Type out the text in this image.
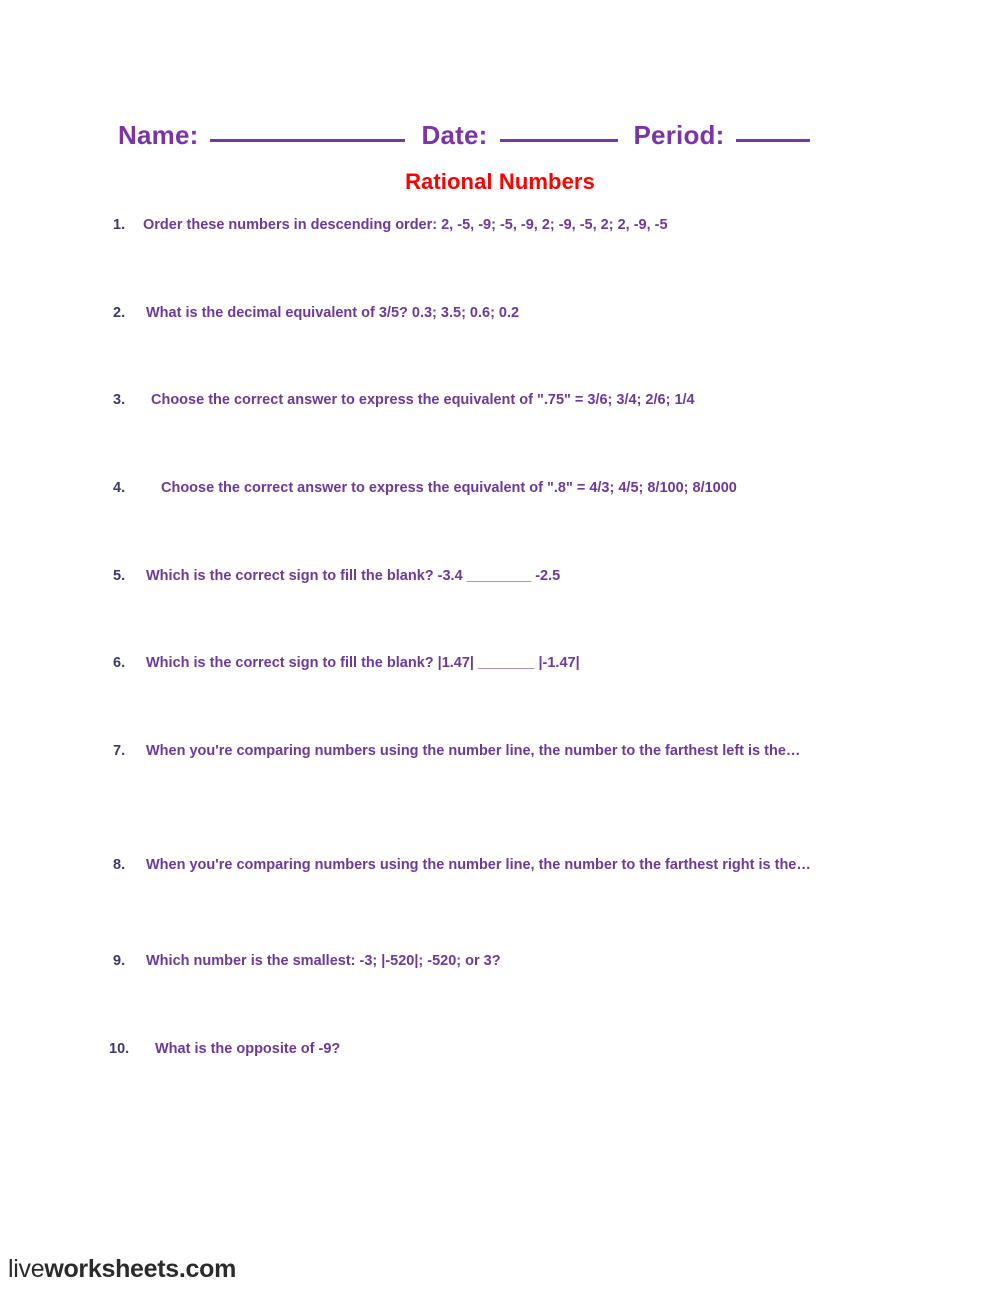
Name:	Date:	Period:
Rational Numbers
1.	Order these numbers in descending order: 2, -5, -9; -5, -9, 2; -9, -5, 2; 2, -9, -5
2.	What is the decimal equivalent of 3/5? 0.3; 3.5; 0.6; 0.2
3.	Choose the correct answer to express the equivalent of ".75" = 3/6; 3/4; 2/6; 1/4
4.	Choose the correct answer to express the equivalent of ".8" = 4/3; 4/5; 8/100; 8/1000
5.	Which is the correct sign to fill the blank? -3.4 ________ -2.5
6.	Which is the correct sign to fill the blank? |1.47| _______ |-1.47|
7.	When you're comparing numbers using the number line, the number to the farthest left is the…
8.	When you're comparing numbers using the number line, the number to the farthest right is the…
9.	Which number is the smallest: -3; |-520|; -520; or 3?
10.	What is the opposite of -9?
liveworksheets.com
